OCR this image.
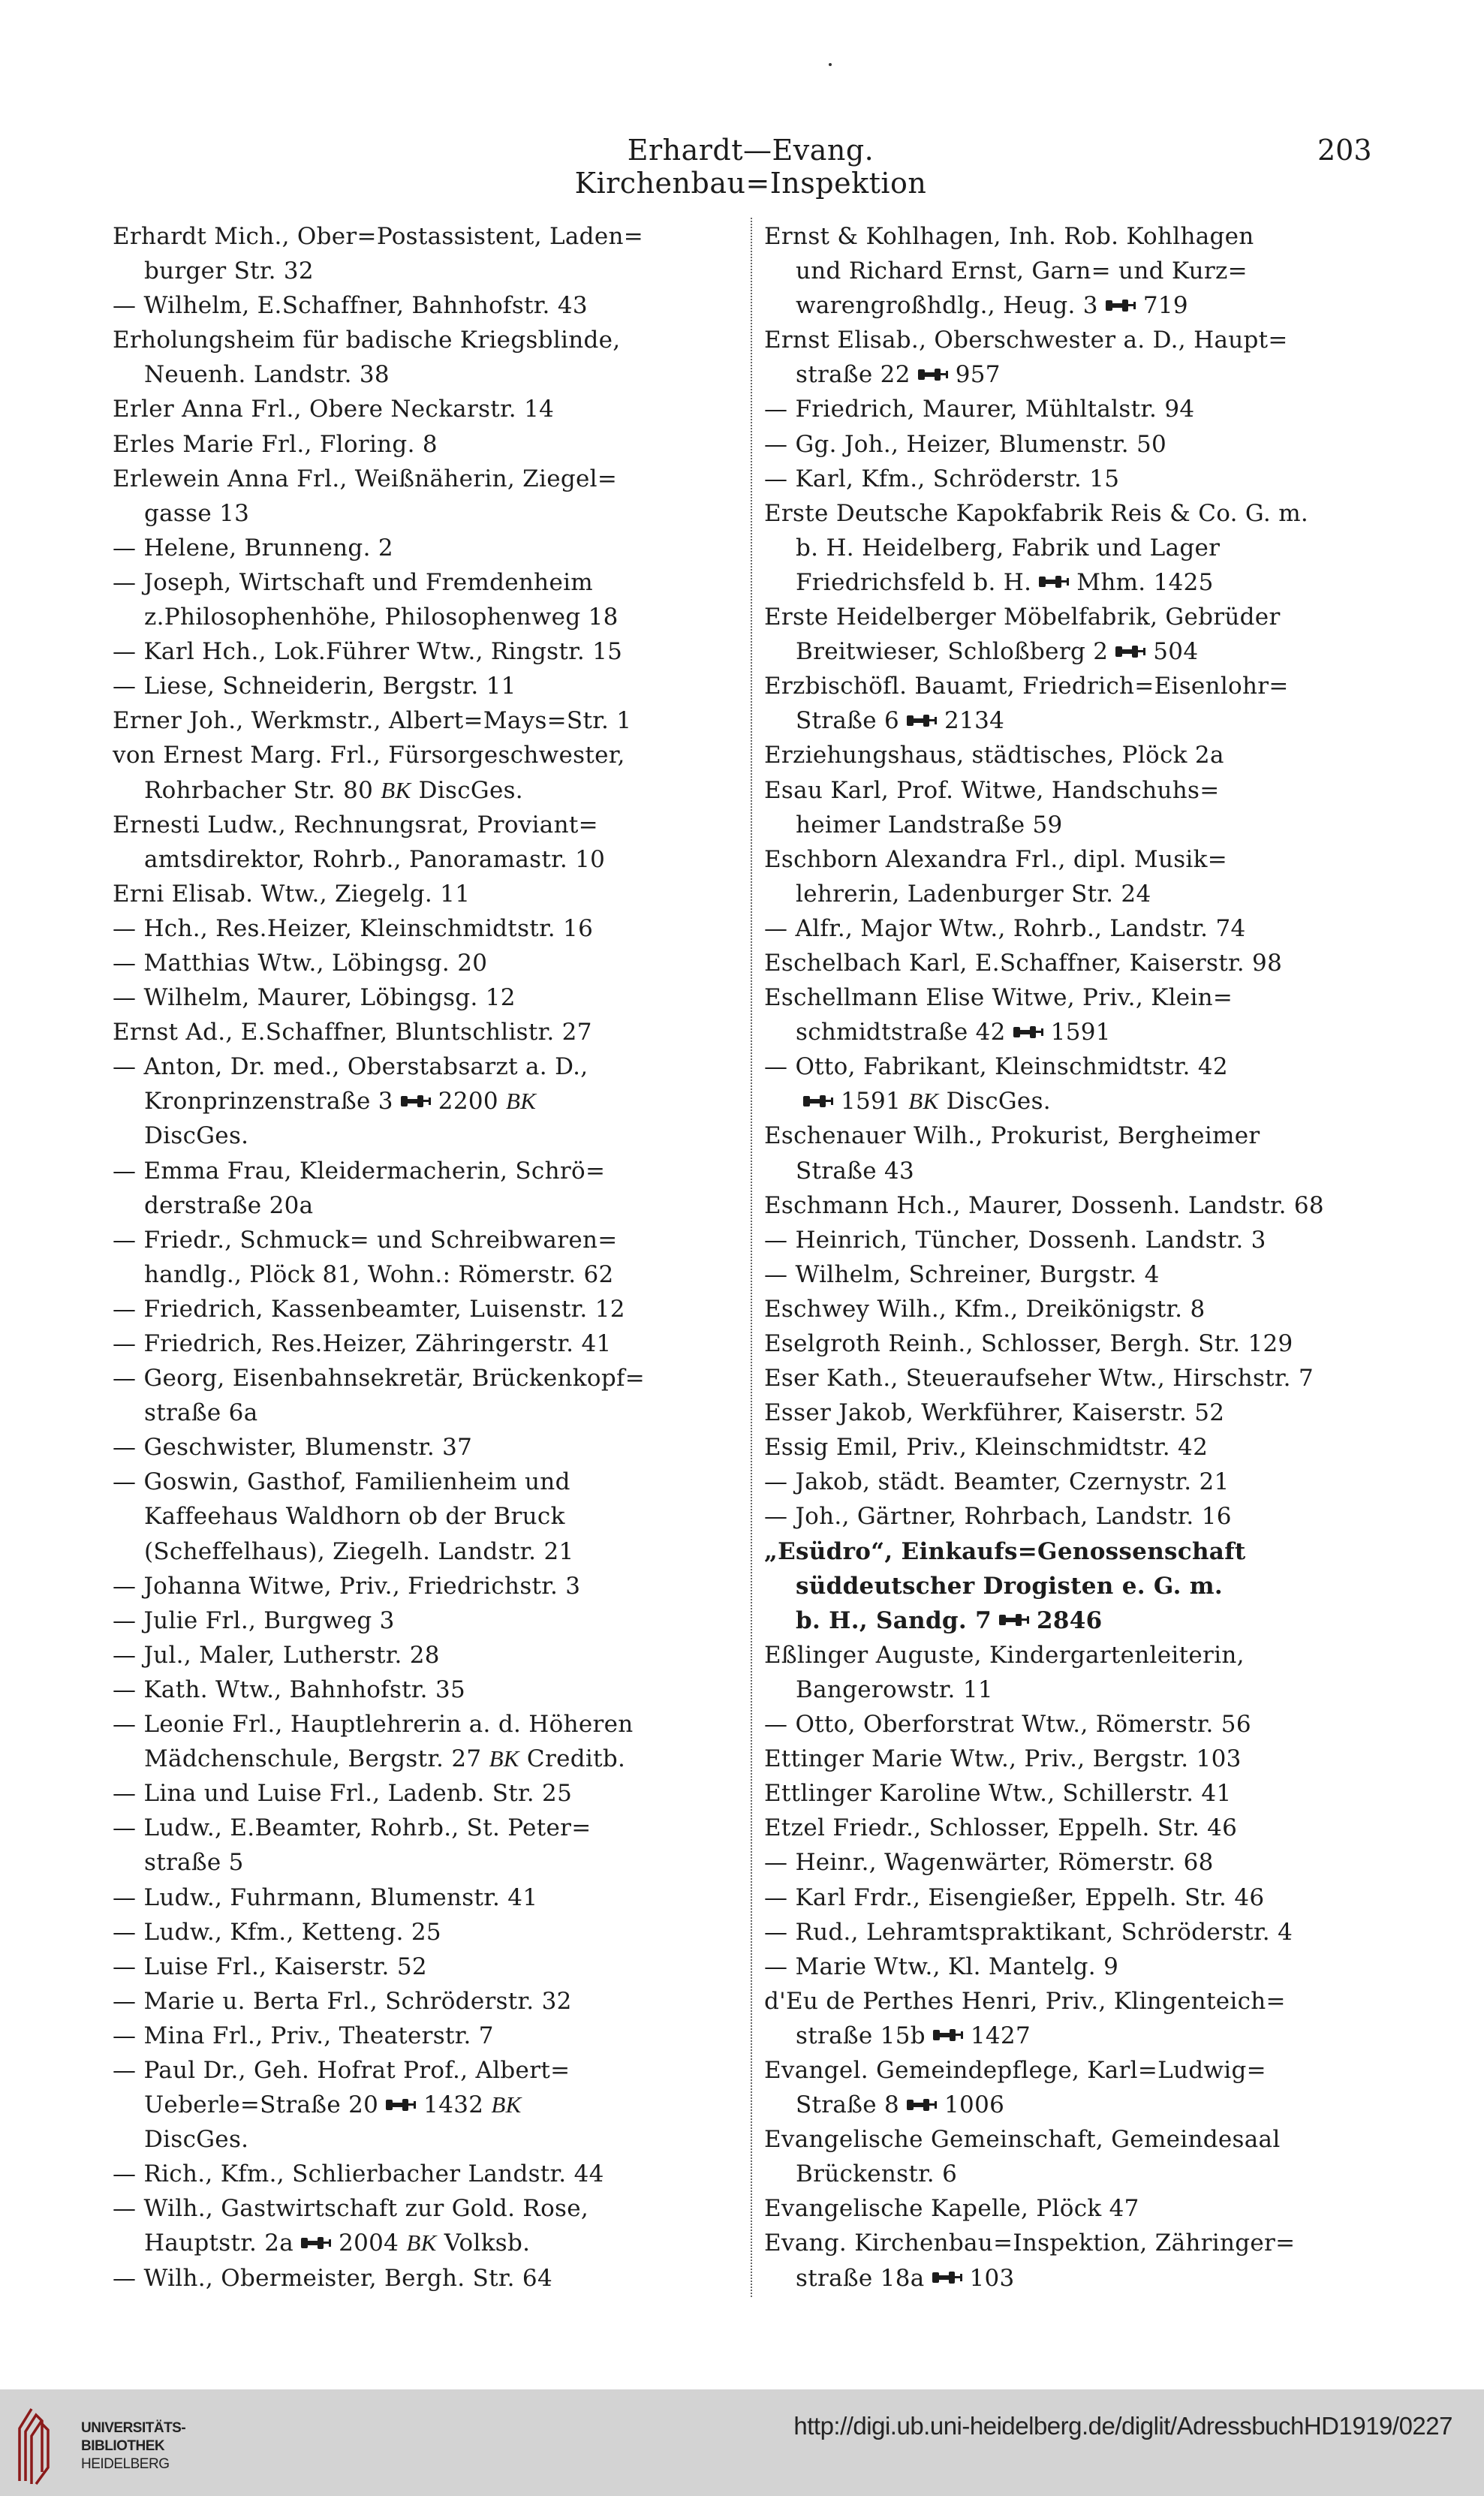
Erhardt—Evang. Kirchenbau=Inspektion
203
Erhardt Mich., Ober=Postassistent, Laden=
burger Str. 32
— Wilhelm, E.Schaffner, Bahnhofstr. 43
Erholungsheim für badische Kriegsblinde,
Neuenh. Landstr. 38
Erler Anna Frl., Obere Neckarstr. 14
Erles Marie Frl., Floring. 8
Erlewein Anna Frl., Weißnäherin, Ziegel=
gasse 13
— Helene, Brunneng. 2
— Joseph, Wirtschaft und Fremdenheim
z.Philosophenhöhe, Philosophenweg 18
— Karl Hch., Lok.Führer Wtw., Ringstr. 15
— Liese, Schneiderin, Bergstr. 11
Erner Joh., Werkmstr., Albert=Mays=Str. 1
von Ernest Marg. Frl., Fürsorgeschwester,
Rohrbacher Str. 80 BK DiscGes.
Ernesti Ludw., Rechnungsrat, Proviant=
amtsdirektor, Rohrb., Panoramastr. 10
Erni Elisab. Wtw., Ziegelg. 11
— Hch., Res.Heizer, Kleinschmidtstr. 16
— Matthias Wtw., Löbingsg. 20
— Wilhelm, Maurer, Löbingsg. 12
Ernst Ad., E.Schaffner, Bluntschlistr. 27
— Anton, Dr. med., Oberstabsarzt a. D.,
Kronprinzenstraße 3 2200 BK
DiscGes.
— Emma Frau, Kleidermacherin, Schrö=
derstraße 20a
— Friedr., Schmuck= und Schreibwaren=
handlg., Plöck 81, Wohn.: Römerstr. 62
— Friedrich, Kassenbeamter, Luisenstr. 12
— Friedrich, Res.Heizer, Zähringerstr. 41
— Georg, Eisenbahnsekretär, Brückenkopf=
straße 6a
— Geschwister, Blumenstr. 37
— Goswin, Gasthof, Familienheim und
Kaffeehaus Waldhorn ob der Bruck
(Scheffelhaus), Ziegelh. Landstr. 21
— Johanna Witwe, Priv., Friedrichstr. 3
— Julie Frl., Burgweg 3
— Jul., Maler, Lutherstr. 28
— Kath. Wtw., Bahnhofstr. 35
— Leonie Frl., Hauptlehrerin a. d. Höheren
Mädchenschule, Bergstr. 27 BK Creditb.
— Lina und Luise Frl., Ladenb. Str. 25
— Ludw., E.Beamter, Rohrb., St. Peter=
straße 5
— Ludw., Fuhrmann, Blumenstr. 41
— Ludw., Kfm., Ketteng. 25
— Luise Frl., Kaiserstr. 52
— Marie u. Berta Frl., Schröderstr. 32
— Mina Frl., Priv., Theaterstr. 7
— Paul Dr., Geh. Hofrat Prof., Albert=
Ueberle=Straße 20 1432 BK
DiscGes.
— Rich., Kfm., Schlierbacher Landstr. 44
— Wilh., Gastwirtschaft zur Gold. Rose,
Hauptstr. 2a 2004 BK Volksb.
— Wilh., Obermeister, Bergh. Str. 64
Ernst & Kohlhagen, Inh. Rob. Kohlhagen
und Richard Ernst, Garn= und Kurz=
warengroßhdlg., Heug. 3 719
Ernst Elisab., Oberschwester a. D., Haupt=
straße 22 957
— Friedrich, Maurer, Mühltalstr. 94
— Gg. Joh., Heizer, Blumenstr. 50
— Karl, Kfm., Schröderstr. 15
Erste Deutsche Kapokfabrik Reis & Co. G. m.
b. H. Heidelberg, Fabrik und Lager
Friedrichsfeld b. H. Mhm. 1425
Erste Heidelberger Möbelfabrik, Gebrüder
Breitwieser, Schloßberg 2 504
Erzbischöfl. Bauamt, Friedrich=Eisenlohr=
Straße 6 2134
Erziehungshaus, städtisches, Plöck 2a
Esau Karl, Prof. Witwe, Handschuhs=
heimer Landstraße 59
Eschborn Alexandra Frl., dipl. Musik=
lehrerin, Ladenburger Str. 24
— Alfr., Major Wtw., Rohrb., Landstr. 74
Eschelbach Karl, E.Schaffner, Kaiserstr. 98
Eschellmann Elise Witwe, Priv., Klein=
schmidtstraße 42 1591
— Otto, Fabrikant, Kleinschmidtstr. 42
1591 BK DiscGes.
Eschenauer Wilh., Prokurist, Bergheimer
Straße 43
Eschmann Hch., Maurer, Dossenh. Landstr. 68
— Heinrich, Tüncher, Dossenh. Landstr. 3
— Wilhelm, Schreiner, Burgstr. 4
Eschwey Wilh., Kfm., Dreikönigstr. 8
Eselgroth Reinh., Schlosser, Bergh. Str. 129
Eser Kath., Steueraufseher Wtw., Hirschstr. 7
Esser Jakob, Werkführer, Kaiserstr. 52
Essig Emil, Priv., Kleinschmidtstr. 42
— Jakob, städt. Beamter, Czernystr. 21
— Joh., Gärtner, Rohrbach, Landstr. 16
„Esüdro“, Einkaufs=Genossenschaft
süddeutscher Drogisten e. G. m.
b. H., Sandg. 7 2846
Eßlinger Auguste, Kindergartenleiterin,
Bangerowstr. 11
— Otto, Oberforstrat Wtw., Römerstr. 56
Ettinger Marie Wtw., Priv., Bergstr. 103
Ettlinger Karoline Wtw., Schillerstr. 41
Etzel Friedr., Schlosser, Eppelh. Str. 46
— Heinr., Wagenwärter, Römerstr. 68
— Karl Frdr., Eisengießer, Eppelh. Str. 46
— Rud., Lehramtspraktikant, Schröderstr. 4
— Marie Wtw., Kl. Mantelg. 9
d'Eu de Perthes Henri, Priv., Klingenteich=
straße 15b 1427
Evangel. Gemeindepflege, Karl=Ludwig=
Straße 8 1006
Evangelische Gemeinschaft, Gemeindesaal
Brückenstr. 6
Evangelische Kapelle, Plöck 47
Evang. Kirchenbau=Inspektion, Zähringer=
straße 18a 103
UNIVERSITÄTS-
BIBLIOTHEK
HEIDELBERG
http://digi.ub.uni-heidelberg.de/diglit/AdressbuchHD1919/0227
